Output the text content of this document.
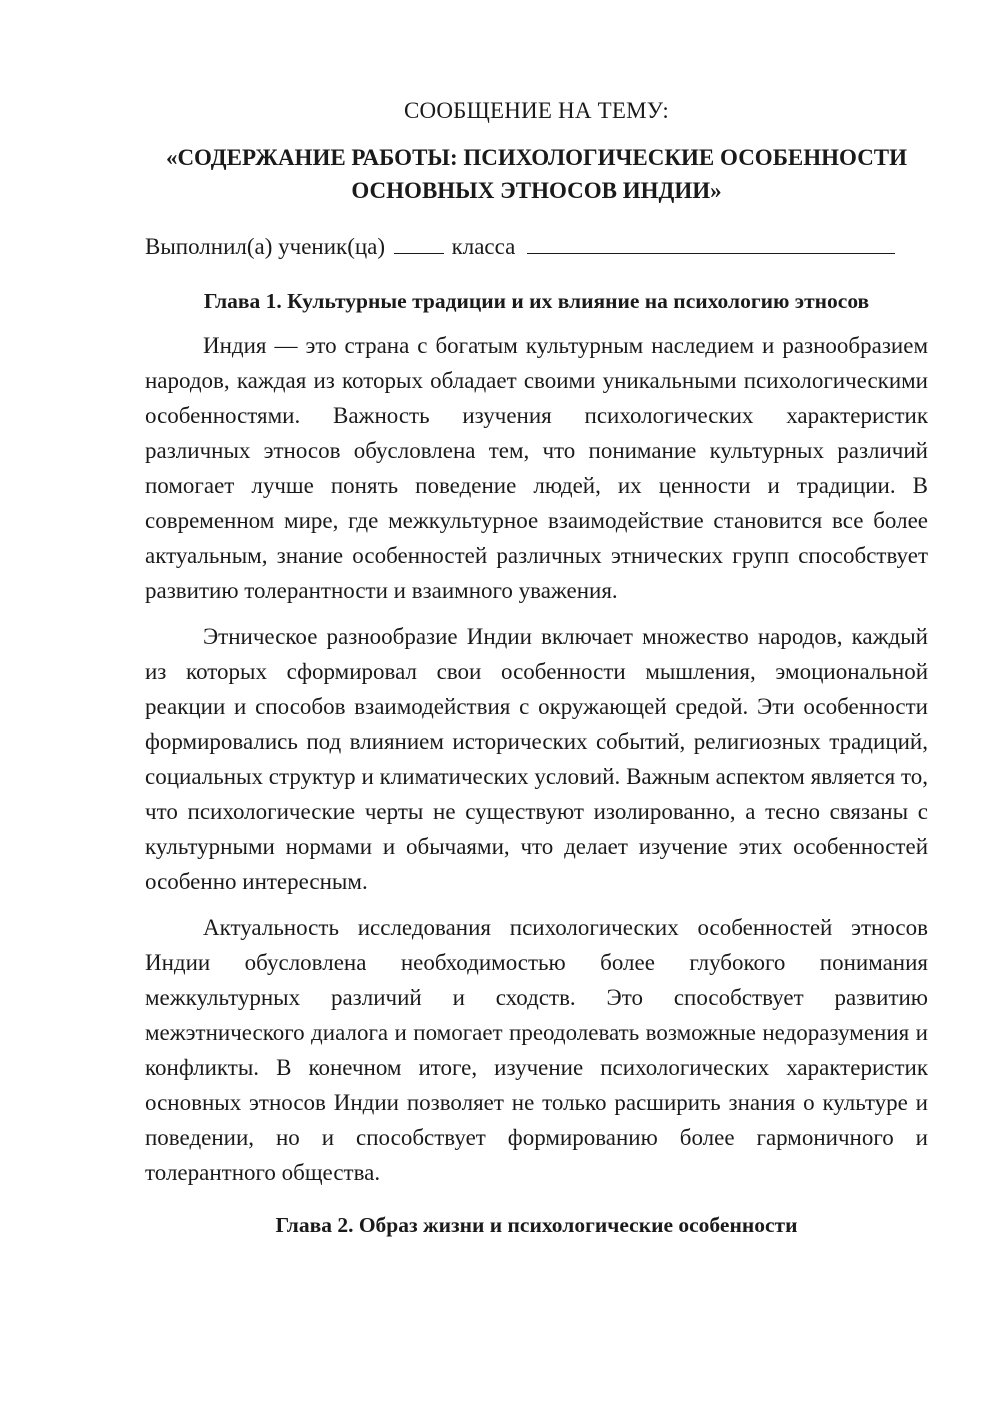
СООБЩЕНИЕ НА ТЕМУ:

«СОДЕРЖАНИЕ РАБОТЫ: ПСИХОЛОГИЧЕСКИЕ ОСОБЕННОСТИ ОСНОВНЫХ ЭТНОСОВ ИНДИИ»
Выполнил(а) ученик(ца)	класса
Глава 1. Культурные традиции и их влияние на психологию этносов

Индия — это страна с богатым культурным наследием и разнообразием народов, каждая из которых обладает своими уникальными психологическими особенностями. Важность изучения психологических характеристик различных этносов обусловлена тем, что понимание культурных различий помогает лучше понять поведение людей, их ценности и традиции. В современном мире, где межкультурное взаимодействие становится все более актуальным, знание особенностей различных этнических групп способствует развитию толерантности и взаимного уважения.

Этническое разнообразие Индии включает множество народов, каждый из которых сформировал свои особенности мышления, эмоциональной реакции и способов взаимодействия с окружающей средой. Эти особенности формировались под влиянием исторических событий, религиозных традиций, социальных структур и климатических условий. Важным аспектом является то, что психологические черты не существуют изолированно, а тесно связаны с культурными нормами и обычаями, что делает изучение этих особенностей особенно интересным.

Актуальность исследования психологических особенностей этносов Индии обусловлена необходимостью более глубокого понимания межкультурных различий и сходств. Это способствует развитию межэтнического диалога и помогает преодолевать возможные недоразумения и конфликты. В конечном итоге, изучение психологических характеристик основных этносов Индии позволяет не только расширить знания о культуре и поведении, но и способствует формированию более гармоничного и толерантного общества.

Глава 2. Образ жизни и психологические особенности
